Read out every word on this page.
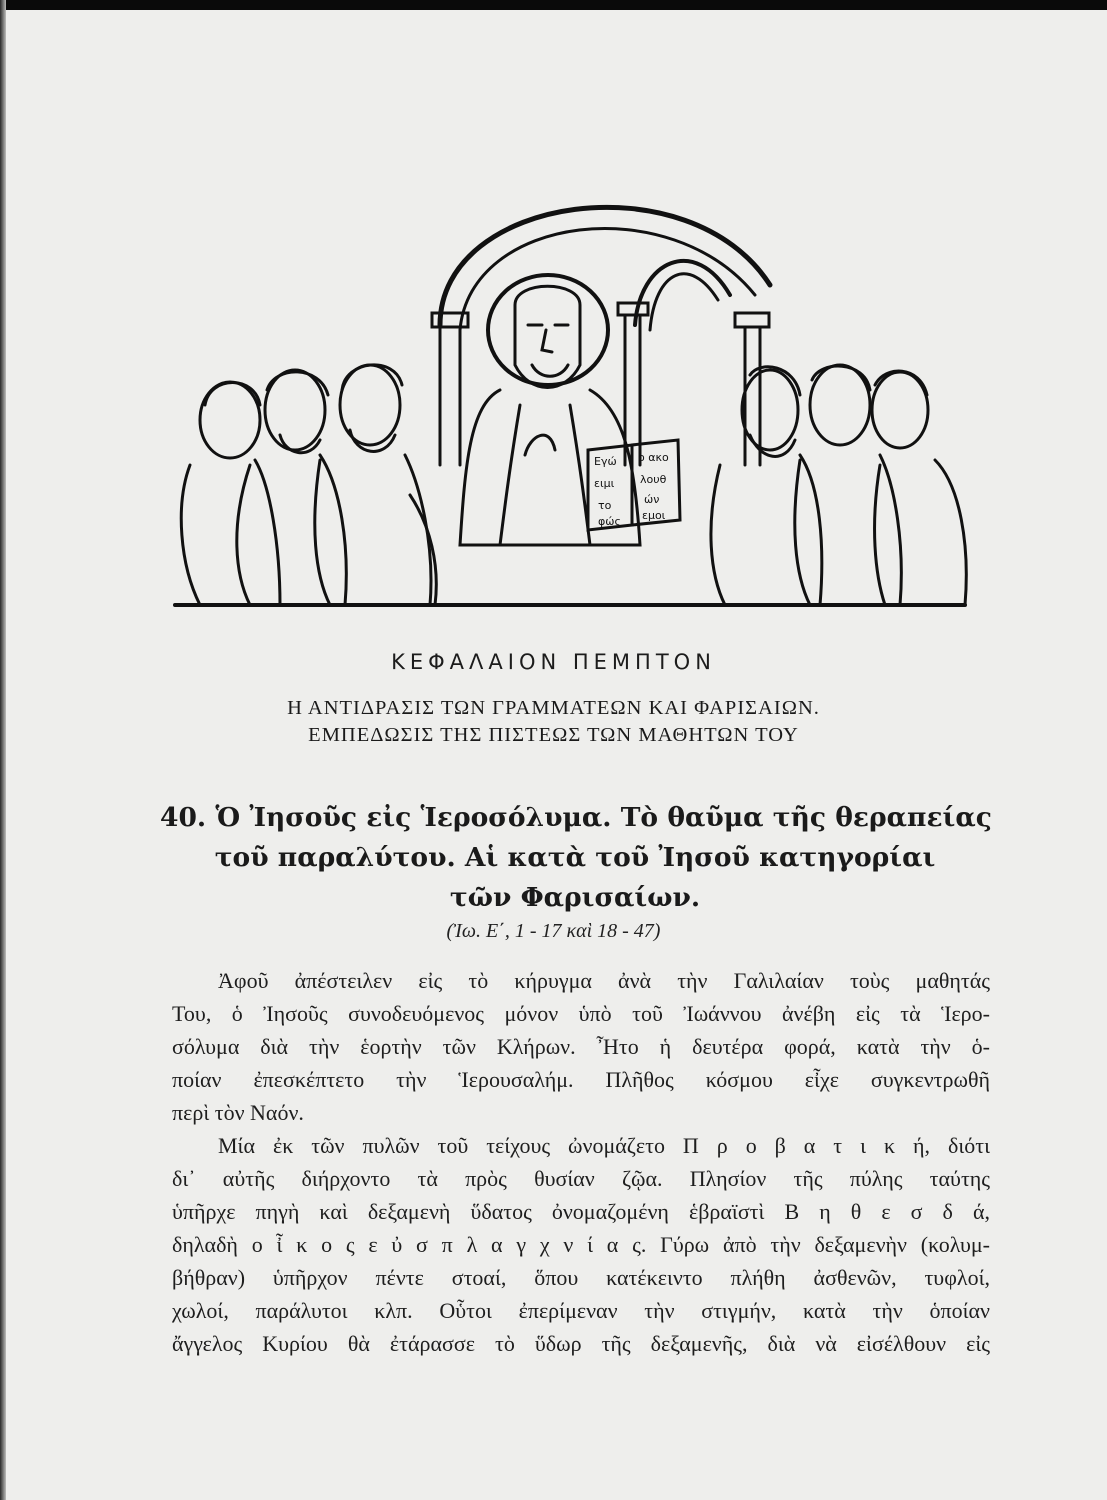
Εγώ
ειμι
το
φώς
ο ακο
λουθ
ών
εμοι
ΚΕΦΑΛΑΙΟΝ ΠΕΜΠΤΟΝ
Η ΑΝΤΙΔΡΑΣΙΣ ΤΩΝ ΓΡΑΜΜΑΤΕΩΝ ΚΑΙ ΦΑΡΙΣΑΙΩΝ.
ΕΜΠΕΔΩΣΙΣ ΤΗΣ ΠΙΣΤΕΩΣ ΤΩΝ ΜΑΘΗΤΩΝ ΤΟΥ
40. Ὁ Ἰησοῦς εἰς Ἱεροσόλυμα. Τὸ θαῦμα τῆς θεραπείας
τοῦ παραλύτου. Αἱ κατὰ τοῦ Ἰησοῦ κατηγορίαι
τῶν Φαρισαίων.
(Ἰω. Ε΄, 1 - 17 καὶ 18 - 47)
Ἀφοῦ ἀπέστειλεν εἰς τὸ κήρυγμα ἀνὰ τὴν Γαλιλαίαν τοὺς μαθητάς
Του, ὁ Ἰησοῦς συνοδευόμενος μόνον ὑπὸ τοῦ Ἰωάννου ἀνέβη εἰς τὰ Ἱερο-
σόλυμα διὰ τὴν ἑορτὴν τῶν Κλήρων. Ἦτο ἡ δευτέρα φορά, κατὰ τὴν ὁ-
ποίαν ἐπεσκέπτετο τὴν Ἱερουσαλήμ. Πλῆθος κόσμου εἶχε συγκεντρωθῆ
περὶ τὸν Ναόν.
Μία ἐκ τῶν πυλῶν τοῦ τείχους ὠνομάζετο Π ρ ο β α τ ι κ ή, διότι
δι᾽ αὐτῆς διήρχοντο τὰ πρὸς θυσίαν ζῷα. Πλησίον τῆς πύλης ταύτης
ὑπῆρχε πηγὴ καὶ δεξαμενὴ ὕδατος ὀνομαζομένη ἑβραϊστὶ Β η θ ε σ δ ά,
δηλαδὴ ο ἶ κ ο ς ε ὐ σ π λ α γ χ ν ί α ς. Γύρω ἀπὸ τὴν δεξαμενὴν (κολυμ-
βήθραν) ὑπῆρχον πέντε στοαί, ὅπου κατέκειντο πλήθη ἀσθενῶν, τυφλοί,
χωλοί, παράλυτοι κλπ. Οὗτοι ἐπερίμεναν τὴν στιγμήν, κατὰ τὴν ὁποίαν
ἄγγελος Κυρίου θὰ ἐτάρασσε τὸ ὕδωρ τῆς δεξαμενῆς, διὰ νὰ εἰσέλθουν εἰς
